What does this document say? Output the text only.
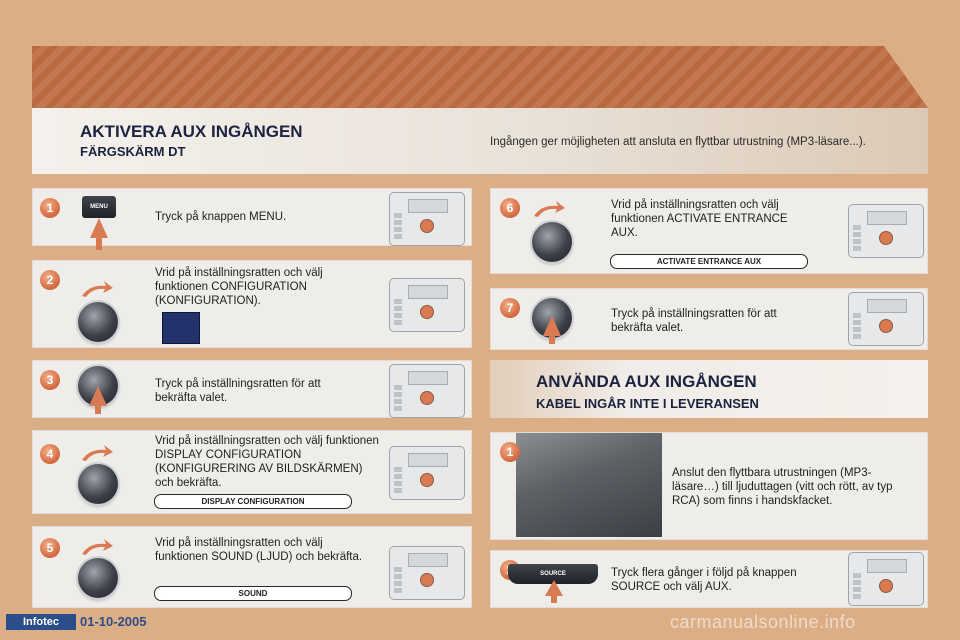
AKTIVERA AUX INGÅNGEN
FÄRGSKÄRM DT
Ingången ger möjligheten att ansluta en flyttbar utrustning (MP3-läsare...).
1	MENU
Tryck på knappen MENU.
2	Vrid på inställningsratten och välj funktionen CONFIGURATION (KONFIGURATION).
3	Tryck på inställningsratten för att bekräfta valet.
4
Vrid på inställningsratten och välj funktionen DISPLAY CONFIGURATION (KONFIGURERING AV BILDSKÄRMEN) och bekräfta.
DISPLAY CONFIGURATION
5	Vrid på inställningsratten och välj funktionen SOUND (LJUD) och bekräfta.
SOUND
6	Vrid på inställningsratten och välj funktionen ACTIVATE ENTRANCE AUX.
ACTIVATE ENTRANCE AUX
7	Tryck på inställningsratten för att bekräfta valet.
ANVÄNDA AUX INGÅNGEN
KABEL INGÅR INTE I LEVERANSEN
1
Anslut den flyttbara utrustningen (MP3-läsare…) till ljuduttagen (vitt och rött, av typ RCA) som finns i handskfacket.
SOURCE	Tryck flera gånger i följd på knappen SOURCE och välj AUX.
Infotec	01-10-2005	carmanualsonline.info
